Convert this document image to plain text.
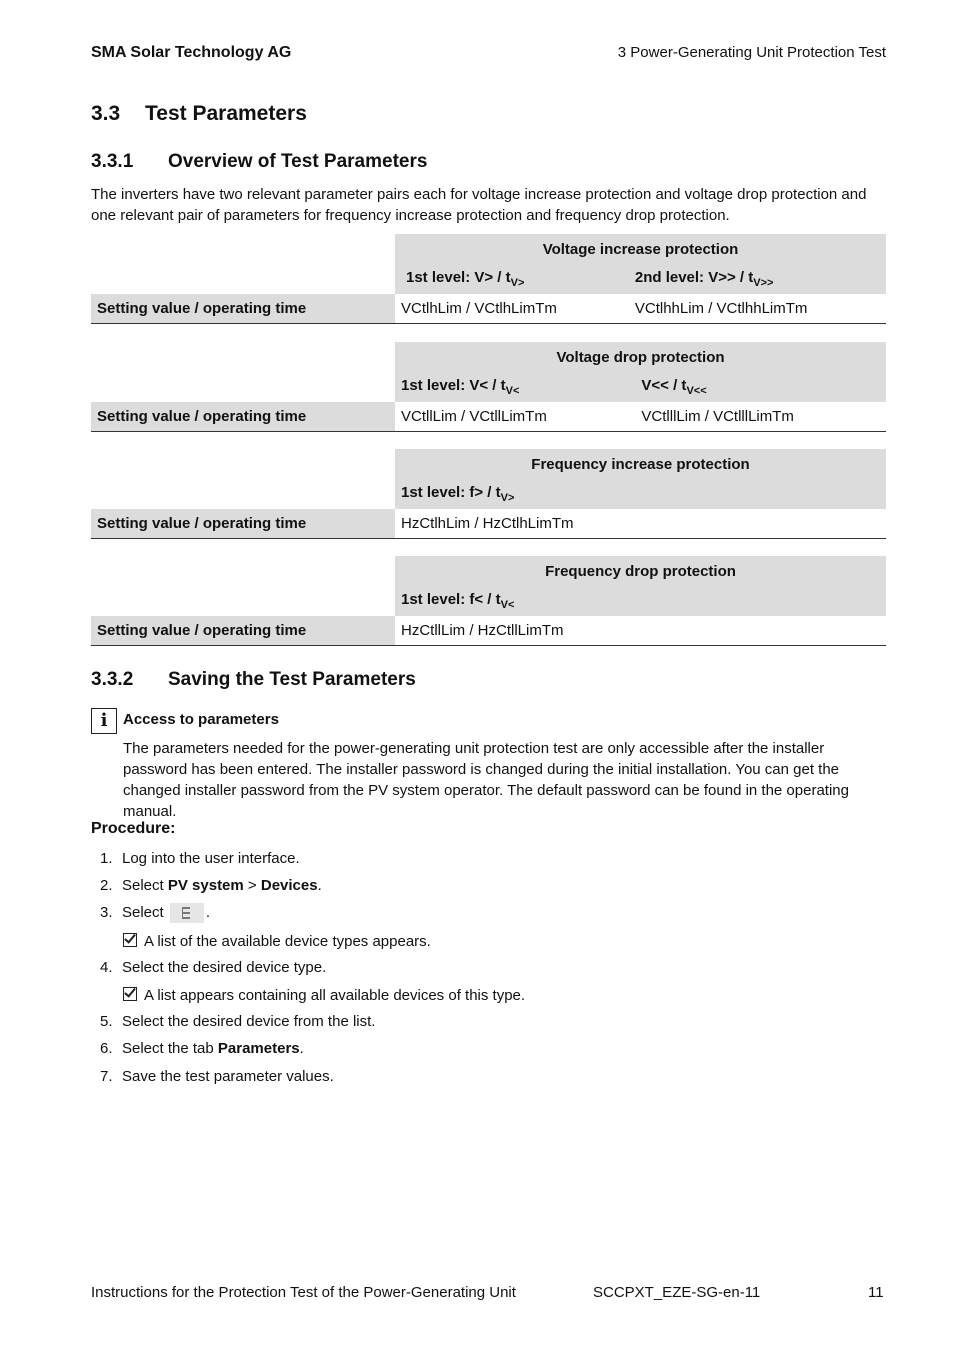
SMA Solar Technology AG	3 Power-Generating Unit Protection Test
3.3 Test Parameters
3.3.1 Overview of Test Parameters
The inverters have two relevant parameter pairs each for voltage increase protection and voltage drop protection and one relevant pair of parameters for frequency increase protection and frequency drop protection.
	Voltage increase protection	
	1st level: $V> / t_{V>}$	2nd level: $V>> / t_{V>>}$
Setting value / operating time	VCtlhLim / VCtlhLimTm	VCtlhhLim / VCtlhhLimTm
	Voltage drop protection	
	1st level: $V< / t_{V<}$	$V<< / t_{V<<}$
Setting value / operating time	VCtllLim / VCtllLimTm	VCtlllLim / VCtlllLimTm
	Frequency increase protection
	1st level: $f> / t_{V>}$
Setting value / operating time	HzCtlhLim / HzCtlhLimTm
	Frequency drop protection
	1st level: $f< / t_{V<}$
Setting value / operating time	HzCtllLim / HzCtllLimTm
3.3.2 Saving the Test Parameters
i	Access to parameters
The parameters needed for the power-generating unit protection test are only accessible after the installer password has been entered. The installer password is changed during the initial installation. You can get the changed installer password from the PV system operator. The default password can be found in the operating manual.
Procedure:
1. Log into the user interface.
2. Select PV system > Devices.
3. Select	.
A list of the available device types appears.
4. Select the desired device type.
A list appears containing all available devices of this type.
5. Select the desired device from the list.
6. Select the tab Parameters.
7. Save the test parameter values.
Instructions for the Protection Test of the Power-Generating Unit	SCCPXT_EZE-SG-en-11	11
